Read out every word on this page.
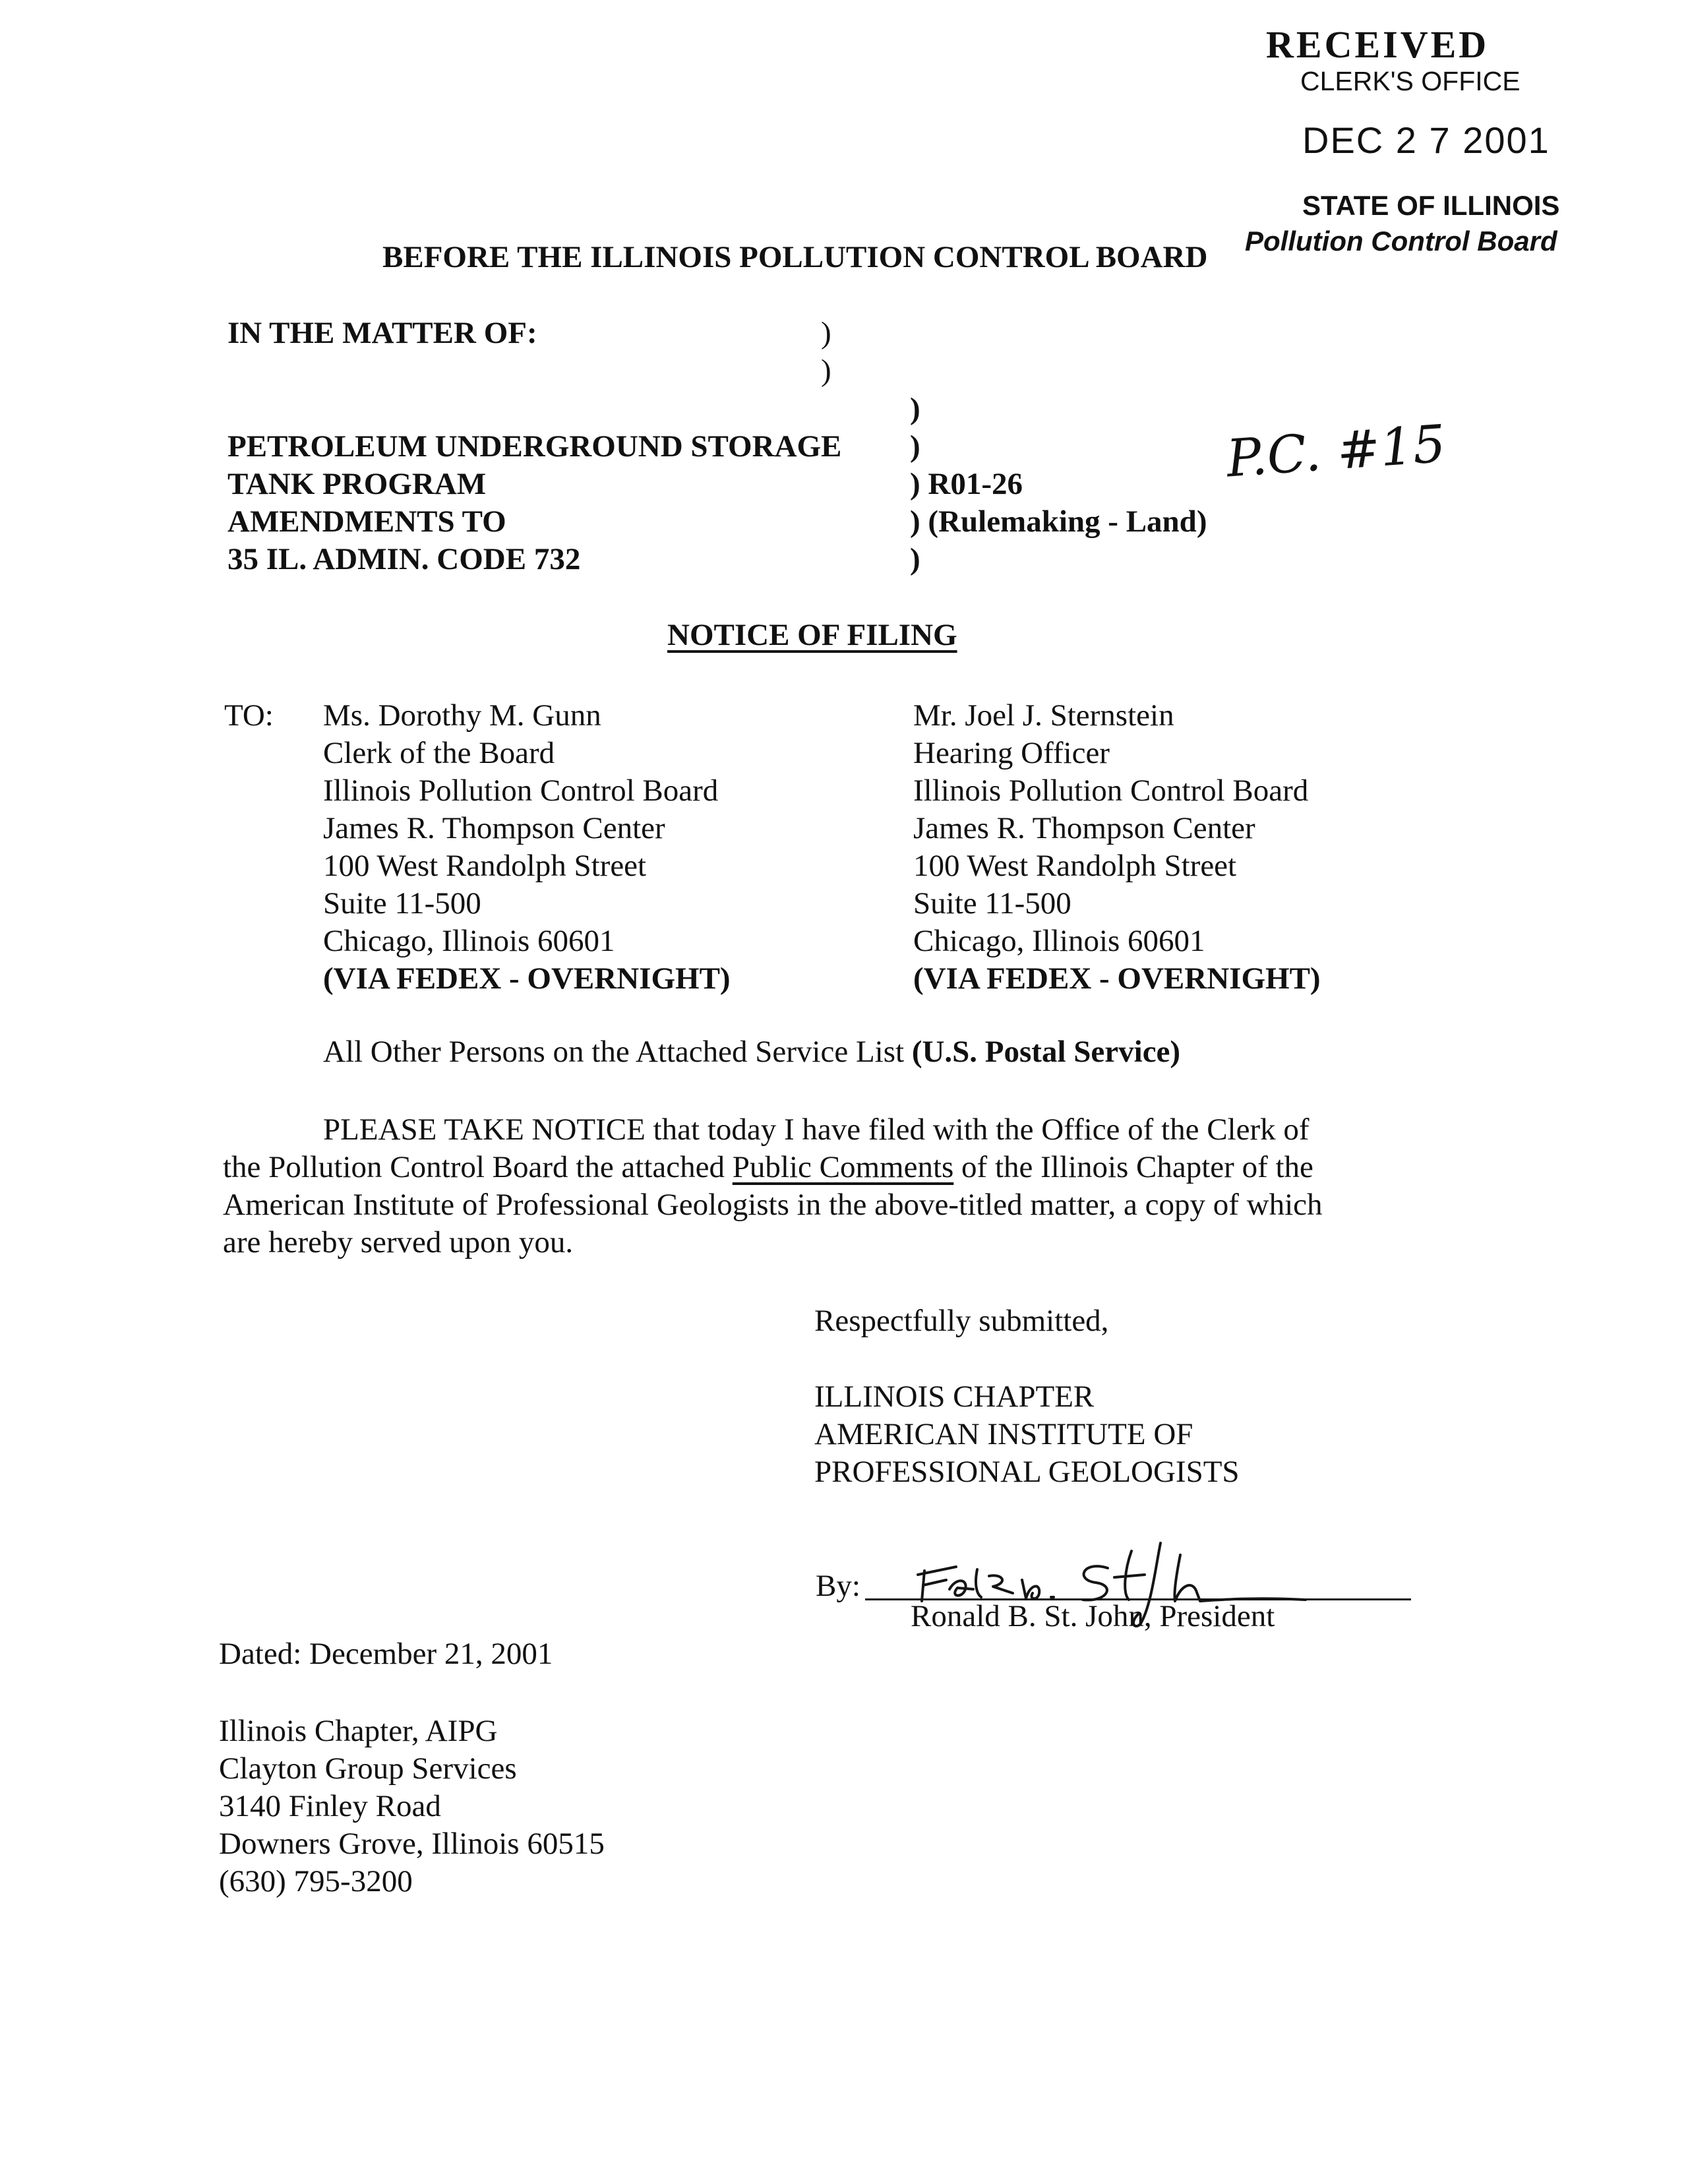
RECEIVED
CLERK'S OFFICE
DEC 2 7 2001
STATE OF ILLINOIS
Pollution Control Board
BEFORE THE ILLINOIS POLLUTION CONTROL BOARD
IN THE MATTER OF:	)
)
PETROLEUM UNDERGROUND STORAGE
TANK PROGRAM
AMENDMENTS TO
35 IL. ADMIN. CODE 732
)
)
) R01-26
) (Rulemaking - Land)
)
P.C. #15
NOTICE OF FILING
TO: Ms. Dorothy M. Gunn
Clerk of the Board
Illinois Pollution Control Board
James R. Thompson Center
100 West Randolph Street
Suite 11-500
Chicago, Illinois 60601
(VIA FEDEX - OVERNIGHT)
Mr. Joel J. Sternstein
Hearing Officer
Illinois Pollution Control Board
James R. Thompson Center
100 West Randolph Street
Suite 11-500
Chicago, Illinois 60601
(VIA FEDEX - OVERNIGHT)
All Other Persons on the Attached Service List (U.S. Postal Service)
PLEASE TAKE NOTICE that today I have filed with the Office of the Clerk of
the Pollution Control Board the attached Public Comments of the Illinois Chapter of the
American Institute of Professional Geologists in the above-titled matter, a copy of which
are hereby served upon you.
Respectfully submitted,
ILLINOIS CHAPTER
AMERICAN INSTITUTE OF
PROFESSIONAL GEOLOGISTS
By:
Ronald B. St. John, President
Dated: December 21, 2001
Illinois Chapter, AIPG
Clayton Group Services
3140 Finley Road
Downers Grove, Illinois 60515
(630) 795-3200
